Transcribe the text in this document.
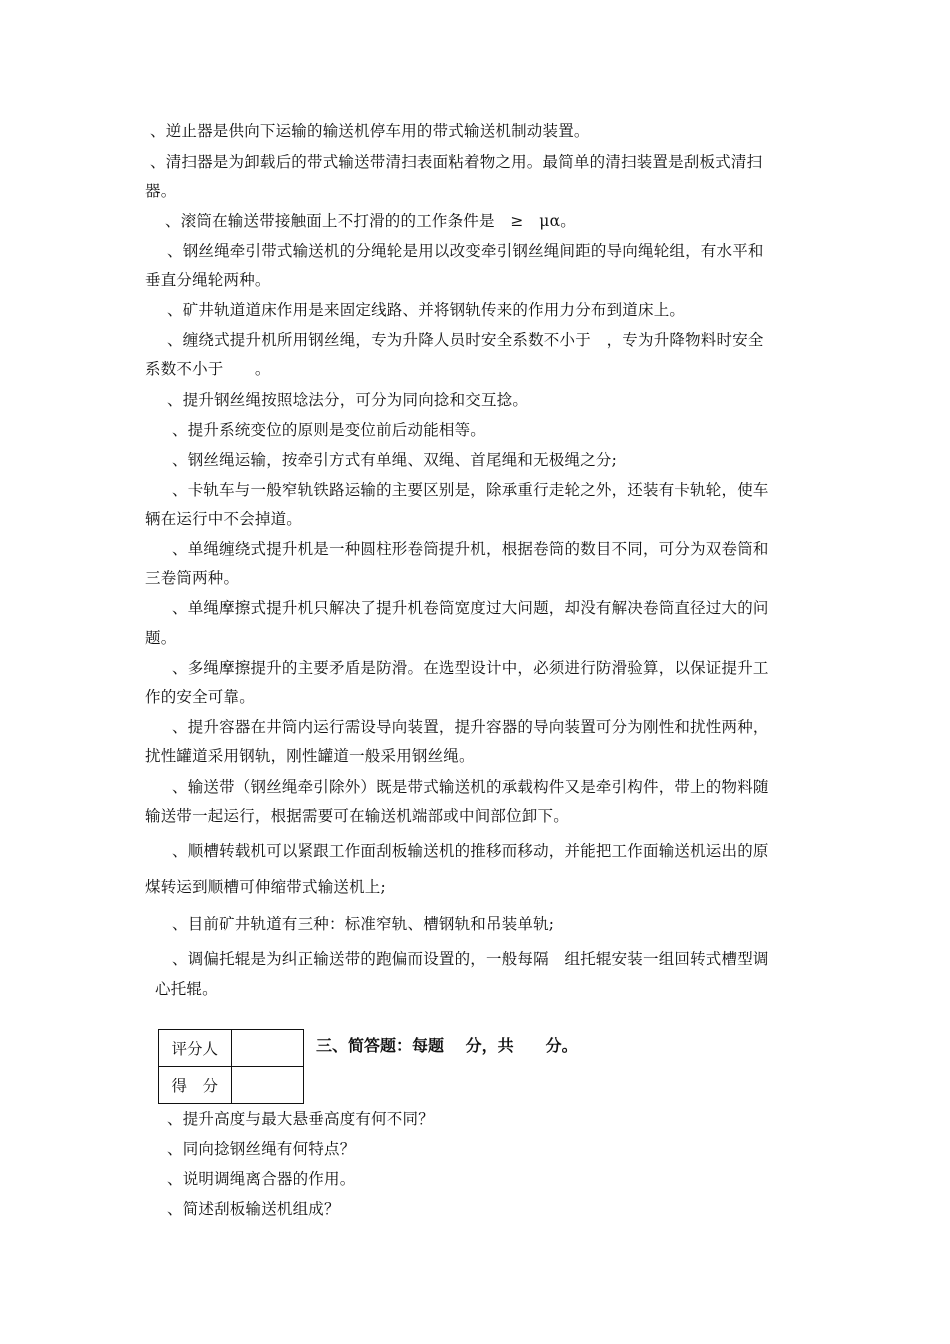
、逆止器是供向下运输的输送机停车用的带式输送机制动装置。
、清扫器是为卸载后的带式输送带清扫表面粘着物之用。最简单的清扫装置是刮板式清扫
器。
、滚筒在输送带接触面上不打滑的的工作条件是　≥　μα。
、钢丝绳牵引带式输送机的分绳轮是用以改变牵引钢丝绳间距的导向绳轮组，有水平和
垂直分绳轮两种。
、矿井轨道道床作用是来固定线路、并将钢轨传来的作用力分布到道床上。
、缠绕式提升机所用钢丝绳，专为升降人员时安全系数不小于　，专为升降物料时安全
系数不小于　　。
、提升钢丝绳按照埝法分，可分为同向捻和交互捻。
、提升系统变位的原则是变位前后动能相等。
、钢丝绳运输，按牵引方式有单绳、双绳、首尾绳和无极绳之分;
、卡轨车与一般窄轨铁路运输的主要区别是，除承重行走轮之外，还装有卡轨轮，使车
辆在运行中不会掉道。
、单绳缠绕式提升机是一种圆柱形卷筒提升机，根据卷筒的数目不同，可分为双卷筒和
三卷筒两种。
、单绳摩擦式提升机只解决了提升机卷筒宽度过大问题，却没有解决卷筒直径过大的问
题。
、多绳摩擦提升的主要矛盾是防滑。在选型设计中，必须进行防滑验算，以保证提升工
作的安全可靠。
、提升容器在井筒内运行需设导向装置，提升容器的导向装置可分为刚性和扰性两种，
扰性罐道采用钢轨，刚性罐道一般采用钢丝绳。
、输送带（钢丝绳牵引除外）既是带式输送机的承载构件又是牵引构件，带上的物料随
输送带一起运行，根据需要可在输送机端部或中间部位卸下。
、顺槽转载机可以紧跟工作面刮板输送机的推移而移动，并能把工作面输送机运出的原
煤转运到顺槽可伸缩带式输送机上;
、目前矿井轨道有三种：标准窄轨、槽钢轨和吊装单轨;
、调偏托辊是为纠正输送带的跑偏而设置的，一般每隔　组托辊安装一组回转式槽型调
心托辊。
评分人	
得　分	
三、简答题：每题　 分，共　　分。
、提升高度与最大悬垂高度有何不同？
、同向捻钢丝绳有何特点？
、说明调绳离合器的作用。
、简述刮板输送机组成？
